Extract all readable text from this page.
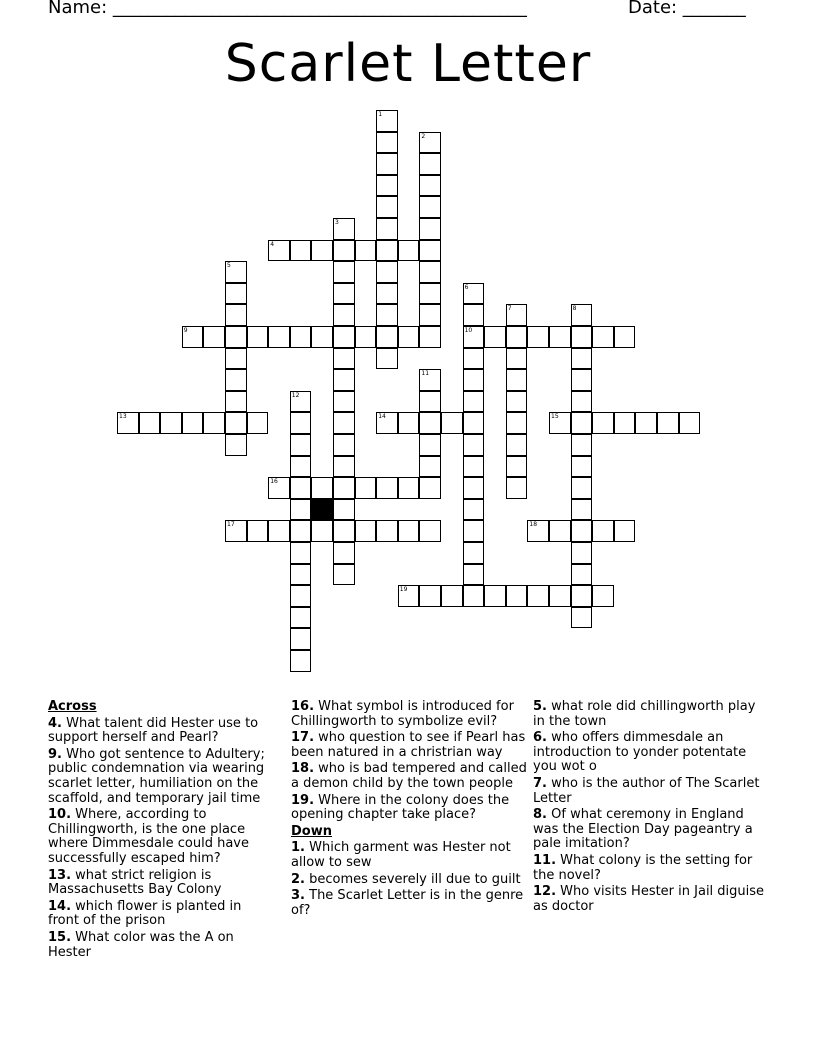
Name: ______________________________________________	Date: _______
Scarlet Letter
1
2
3
4
5
6
10
7	8
9
11
12
13	14	15
16
17	18
19
Across
4. What talent did Hester use to support herself and Pearl?
9. Who got sentence to Adultery; public condemnation via wearing scarlet letter, humiliation on the scaffold, and temporary jail time
10. Where, according to Chillingworth, is the one place where Dimmesdale could have successfully escaped him?
13. what strict religion is Massachusetts Bay Colony
14. which flower is planted in front of the prison
15. What color was the A on Hester
16. What symbol is introduced for Chillingworth to symbolize evil?
17. who question to see if Pearl has been natured in a christrian way
18. who is bad tempered and called a demon child by the town people
19. Where in the colony does the opening chapter take place?
Down
1. Which garment was Hester not allow to sew
2. becomes severely ill due to guilt
3. The Scarlet Letter is in the genre of?
5. what role did chillingworth play in the town
6. who offers dimmesdale an introduction to yonder potentate you wot o
7. who is the author of The Scarlet Letter
8. Of what ceremony in England was the Election Day pageantry a pale imitation?
11. What colony is the setting for the novel?
12. Who visits Hester in Jail diguise as doctor
